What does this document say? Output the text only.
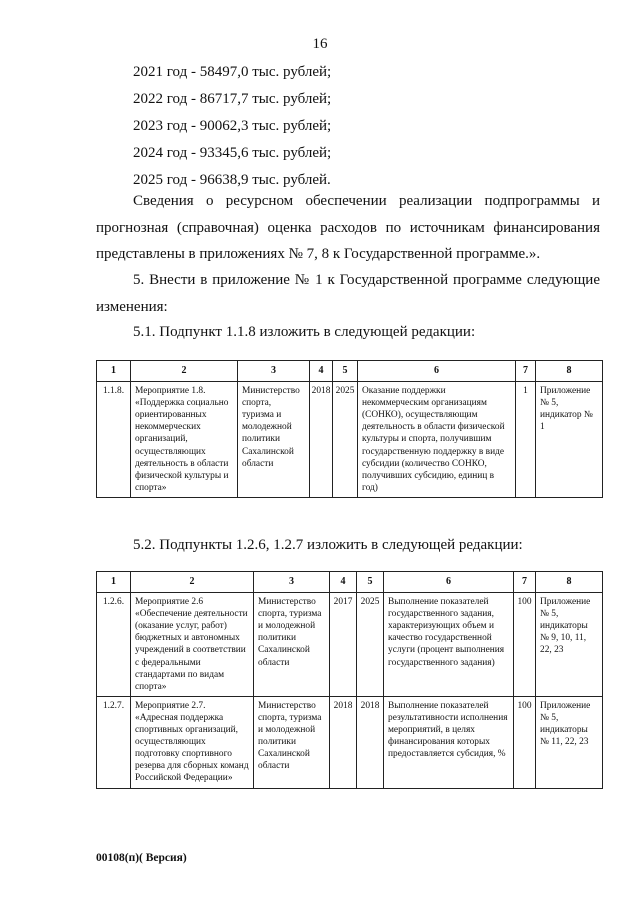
16
2021 год - 58497,0 тыс. рублей;
2022 год - 86717,7 тыс. рублей;
2023 год - 90062,3 тыс. рублей;
2024 год - 93345,6 тыс. рублей;
2025 год - 96638,9 тыс. рублей.

Сведения о ресурсном обеспечении реализации подпрограммы и прогнозная (справочная) оценка расходов по источникам финансирования представлены в приложениях № 7, 8 к Государственной программе.».

5. Внести в приложение № 1 к Государственной программе следующие изменения:

5.1. Подпункт 1.1.8 изложить в следующей редакции:
1	2	3	4	5	6	7	8
1.1.8.	Мероприятие 1.8. «Поддержка социально ориентированных некоммерческих организаций, осуществляющих деятельность в области физической культуры и спорта»	Министерство спорта, туризма и молодежной политики Сахалинской области	2018	2025	Оказание поддержки некоммерческим организациям (СОНКО), осуществляющим деятельность в области физической культуры и спорта, получившим государственную поддержку в виде субсидии (количество СОНКО, получивших субсидию, единиц в год)	1	Приложение № 5, индикатор № 1
5.2. Подпункты 1.2.6, 1.2.7 изложить в следующей редакции:
1	2	3	4	5	6	7	8
1.2.6.	Мероприятие 2.6 «Обеспечение деятельности (оказание услуг, работ) бюджетных и автономных учреждений в соответствии с федеральными стандартами по видам спорта»	Министерство спорта, туризма и молодежной политики Сахалинской области	2017	2025	Выполнение показателей государственного задания, характеризующих объем и качество государственной услуги (процент выполнения государственного задания)	100	Приложение № 5, индикаторы № 9, 10, 11, 22, 23
1.2.7.	Мероприятие 2.7. «Адресная поддержка спортивных организаций, осуществляющих подготовку спортивного резерва для сборных команд Российской Федерации»	Министерство спорта, туризма и молодежной политики Сахалинской области	2018	2018	Выполнение показателей результативности исполнения мероприятий, в целях финансирования которых предоставляется субсидия, %	100	Приложение № 5, индикаторы № 11, 22, 23
00108(п)( Версия)
